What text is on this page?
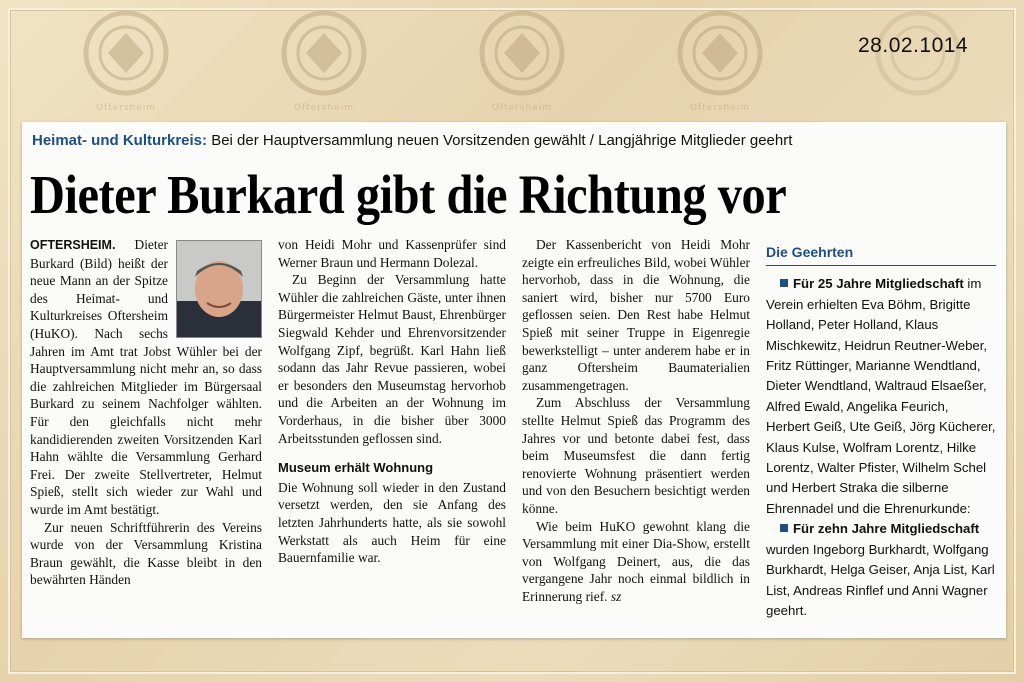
Oftersheim	Oftersheim	Oftersheim	Oftersheim
28.02.1014
Heimat- und Kulturkreis: Bei der Hauptversammlung neuen Vorsitzenden gewählt / Langjährige Mitglieder geehrt
Dieter Burkard gibt die Richtung vor

OFTERSHEIM. Dieter Burkard (Bild) heißt der neue Mann an der Spitze des Heimat- und Kulturkreises Oftersheim (HuKO). Nach sechs Jahren im Amt trat Jobst Wühler bei der Hauptversammlung nicht mehr an, so dass die zahlreichen Mitglieder im Bürgersaal Burkard zu seinem Nachfolger wählten. Für den gleichfalls nicht mehr kandidierenden zweiten Vorsitzenden Karl Hahn wählte die Versammlung Gerhard Frei. Der zweite Stellvertreter, Helmut Spieß, stellt sich wieder zur Wahl und wurde im Amt bestätigt.

Zur neuen Schriftführerin des Vereins wurde von der Versammlung Kristina Braun gewählt, die Kasse bleibt in den bewährten Händen

von Heidi Mohr und Kassenprüfer sind Werner Braun und Hermann Dolezal.

Zu Beginn der Versammlung hatte Wühler die zahlreichen Gäste, unter ihnen Bürgermeister Helmut Baust, Ehrenbürger Siegwald Kehder und Ehrenvorsitzender Wolfgang Zipf, begrüßt. Karl Hahn ließ sodann das Jahr Revue passieren, wobei er besonders den Museumstag hervorhob und die Arbeiten an der Wohnung im Vorderhaus, in die bisher über 3000 Arbeitsstunden geflossen sind.

Museum erhält Wohnung

Die Wohnung soll wieder in den Zustand versetzt werden, den sie Anfang des letzten Jahrhunderts hatte, als sie sowohl Werkstatt als auch Heim für eine Bauernfamilie war.

Der Kassenbericht von Heidi Mohr zeigte ein erfreuliches Bild, wobei Wühler hervorhob, dass in die Wohnung, die saniert wird, bisher nur 5700 Euro geflossen seien. Den Rest habe Helmut Spieß mit seiner Truppe in Eigenregie bewerkstelligt – unter anderem habe er in ganz Oftersheim Baumaterialien zusammengetragen.

Zum Abschluss der Versammlung stellte Helmut Spieß das Programm des Jahres vor und betonte dabei fest, dass beim Museumsfest die dann fertig renovierte Wohnung präsentiert werden und von den Besuchern besichtigt werden könne.

Wie beim HuKO gewohnt klang die Versammlung mit einer Dia-Show, erstellt von Wolfgang Deinert, aus, die das vergangene Jahr noch einmal bildlich in Erinnerung rief. sz

Die Geehrten

Für 25 Jahre Mitgliedschaft im Verein erhielten Eva Böhm, Brigitte Holland, Peter Holland, Klaus Mischkewitz, Heidrun Reutner-Weber, Fritz Rüttinger, Marianne Wendtland, Dieter Wendtland, Waltraud Elsaeßer, Alfred Ewald, Angelika Feurich, Herbert Geiß, Ute Geiß, Jörg Kücherer, Klaus Kulse, Wolfram Lorentz, Hilke Lorentz, Walter Pfister, Wilhelm Schel und Herbert Straka die silberne Ehrennadel und die Ehrenurkunde:

Für zehn Jahre Mitgliedschaft wurden Ingeborg Burkhardt, Wolfgang Burkhardt, Helga Geiser, Anja List, Karl List, Andreas Rinflef und Anni Wagner geehrt.
